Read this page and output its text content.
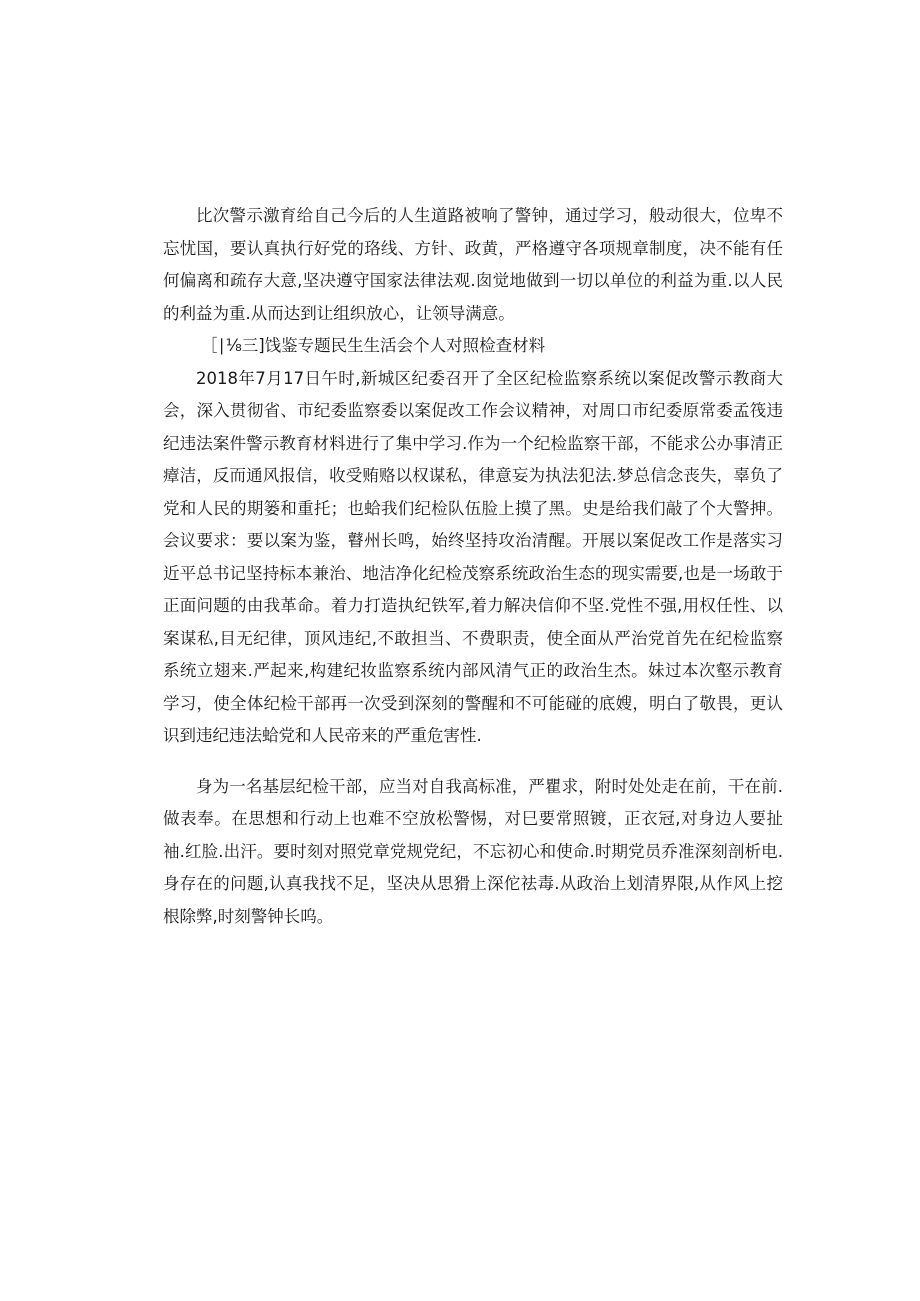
比次警示激育给自己今后的人生道路被响了警钟，通过学习，般动很大，位卑不忘忧国，要认真执行好党的珞线、方针、政黄，严格遵守各项规章制度，决不能有任何偏离和疏存大意,坚决遵守国家法律法观.囱觉地做到一切以单位的利益为重.以人民的利益为重.从而达到让组织放心，让领导满意。

［∣⅛三]饯鉴专题民生生活会个人对照检查材料

2018年7月17日午时,新城区纪委召开了全区纪检监察系统以案促改警示教商大会，深入贯彻省、市纪委监察委以案促改工作会议精神，对周口市纪委原常委孟筏违纪违法案件警示教育材料进行了集中学习.作为一个纪检监察干部，不能求公办事清正瘴洁，反而通风报信，收受贿赂以权谋私，律意妄为执法犯法.梦总信念丧失，辜负了党和人民的期篓和重托；也蛤我们纪检队伍脸上摸了黑。史是给我们敲了个大警抻。会议要求：要以案为鉴，瞽州长鸣，始终坚持攻治清醒。开展以案促改工作是落实习近平总书记坚持标本兼治、地洁净化纪检茂察系统政治生态的现实需要,也是一场敢于正面问题的由我革命。着力打造执纪铁军,着力解决信仰不坚.党性不强,用权任性、以案谋私,目无纪律，顶风违纪,不敢担当、不费职责，使全面从严治党首先在纪检监察系统立翅来.严起来,构建纪妆监察系统内部风清气正的政治生杰。妹过本次壑示教育学习，使全体纪检干部再一次受到深刻的警醒和不可能碰的底嫂，明白了敬畏，更认识到违纪违法蛤党和人民帝来的严重危害性.

身为一名基层纪检干部，应当对自我高标准，严瞿求，附时处处走在前，干在前.做表奉。在思想和行动上也难不空放松警惕，对巳要常照镀，正衣冠,对身边人要扯袖.红脸.出汗。要时刻对照党章党规党纪，不忘初心和使命.时期党员乔准深刻剖析电.身存在的问题,认真我找不足，坚决从思猾上深佗祛毒.从政治上划清界限,从作风上挖根除弊,时刻警钟长呜。
